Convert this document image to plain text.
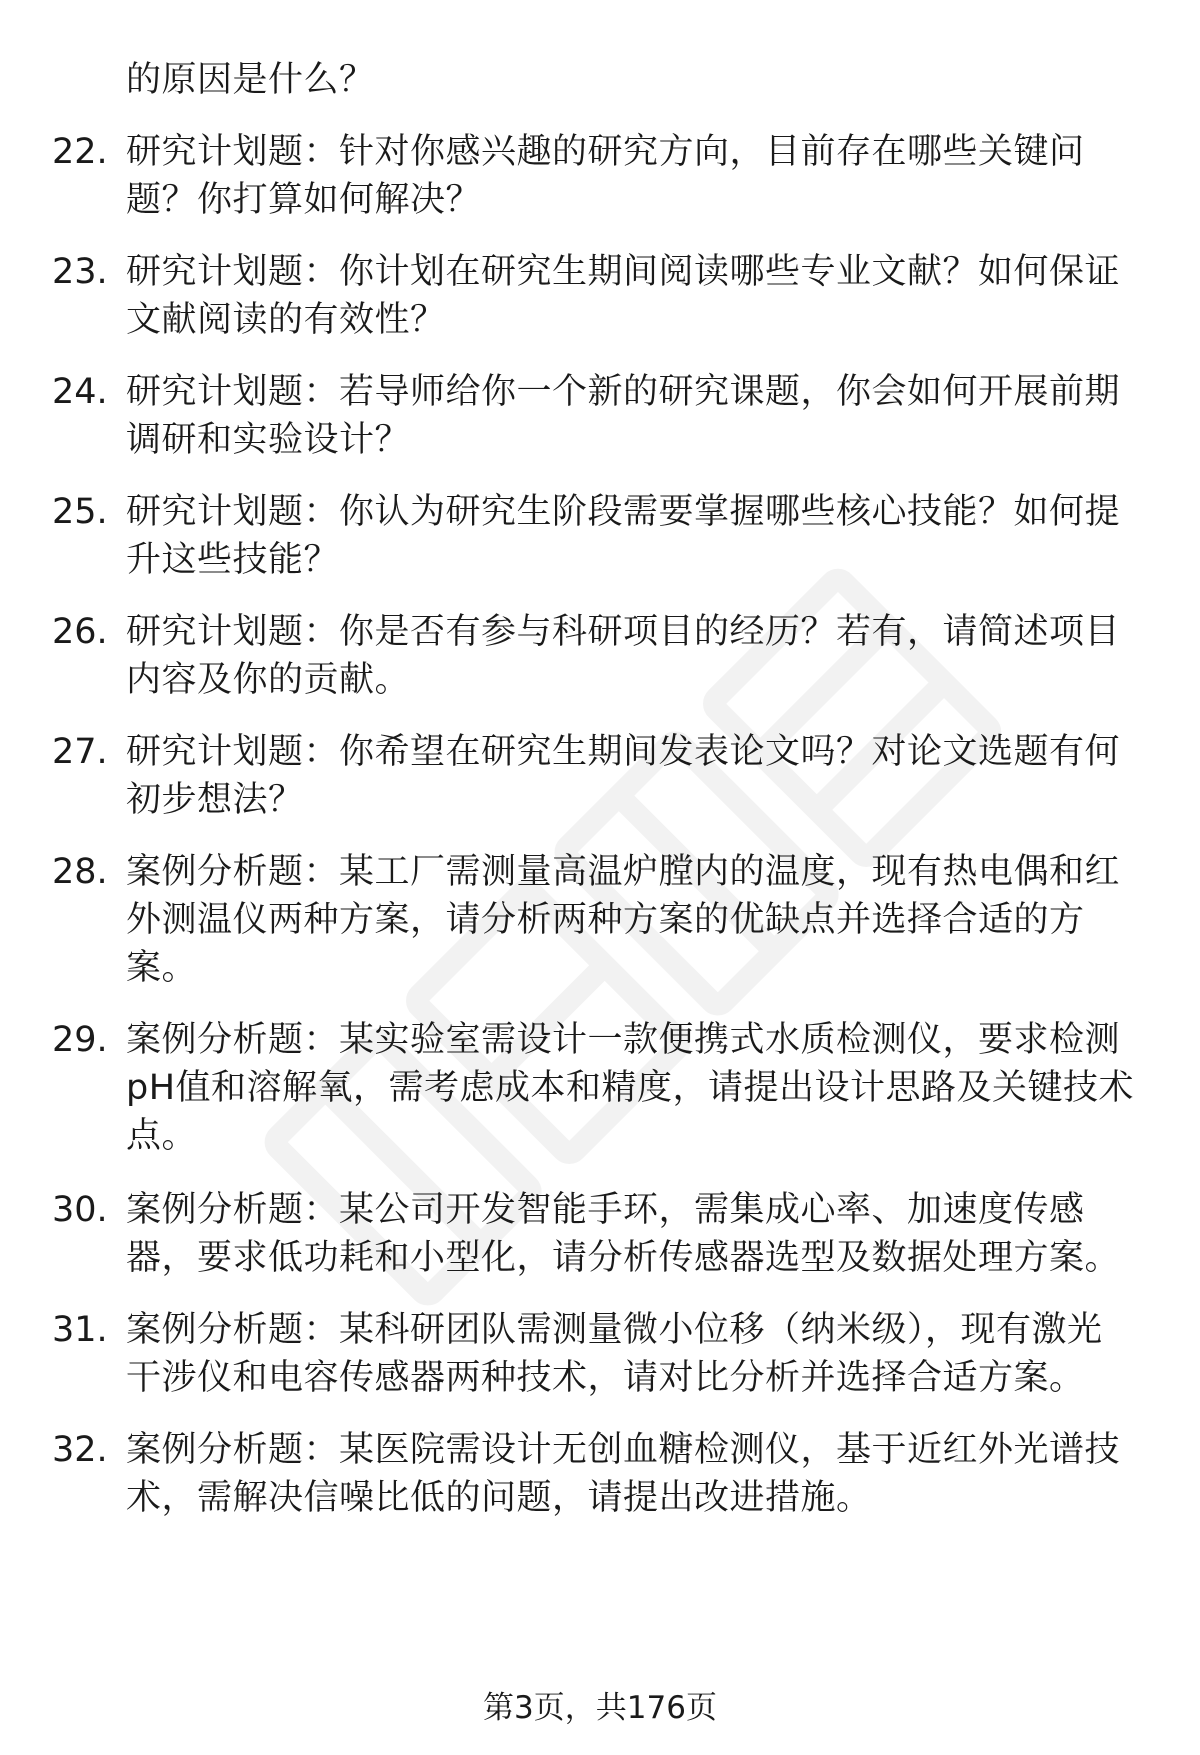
的原因是什么？
22. 研究计划题：针对你感兴趣的研究方向，目前存在哪些关键问
题？你打算如何解决？
23. 研究计划题：你计划在研究生期间阅读哪些专业文献？如何保证
文献阅读的有效性？
24. 研究计划题：若导师给你一个新的研究课题，你会如何开展前期
调研和实验设计？
25. 研究计划题：你认为研究生阶段需要掌握哪些核心技能？如何提
升这些技能？
26. 研究计划题：你是否有参与科研项目的经历？若有，请简述项目
内容及你的贡献。
27. 研究计划题：你希望在研究生期间发表论文吗？对论文选题有何
初步想法？
28. 案例分析题：某工厂需测量高温炉膛内的温度，现有热电偶和红
外测温仪两种方案，请分析两种方案的优缺点并选择合适的方
案。
29. 案例分析题：某实验室需设计一款便携式水质检测仪，要求检测
pH值和溶解氧，需考虑成本和精度，请提出设计思路及关键技术
点。
30. 案例分析题：某公司开发智能手环，需集成心率、加速度传感
器，要求低功耗和小型化，请分析传感器选型及数据处理方案。
31. 案例分析题：某科研团队需测量微小位移（纳米级），现有激光
干涉仪和电容传感器两种技术，请对比分析并选择合适方案。
32. 案例分析题：某医院需设计无创血糖检测仪，基于近红外光谱技
术，需解决信噪比低的问题，请提出改进措施。
第3页，共176页
